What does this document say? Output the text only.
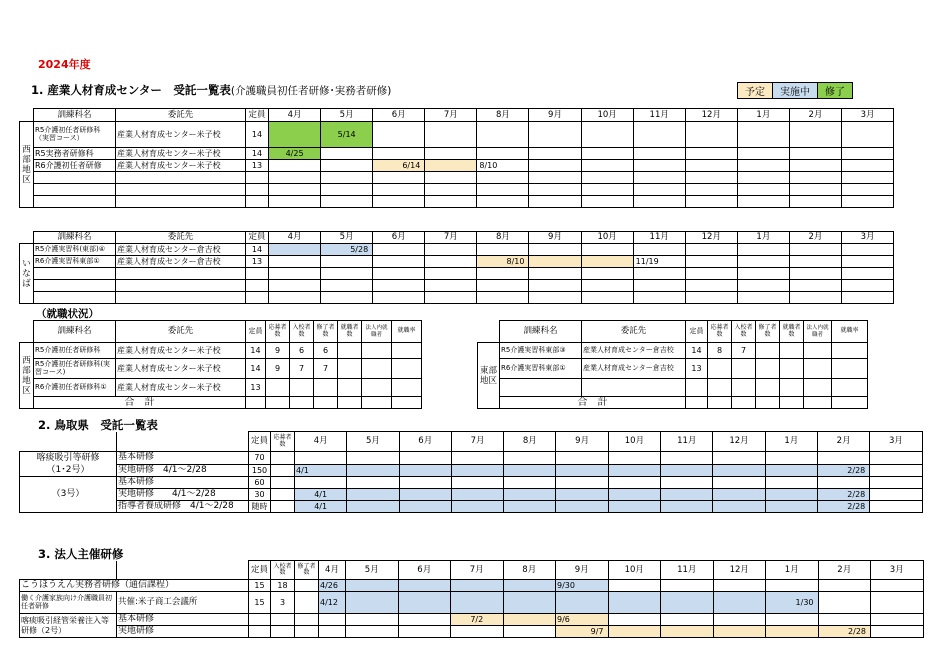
2024年度
1. 産業人材育成センター　受託一覧表(介護職員初任者研修･実務者研修)	予定	実施中	修了
	訓練科名	委託先	定員	4月	5月	6月	7月	8月	9月	10月	11月	12月	1月	2月	3月
西部地区	R5介護初任者研修科（実習コース）	産業人材育成センター米子校	14		5/14										
	R5実務者研修科	産業人材育成センター米子校	14	4/25											
	R6介護初任者研修	産業人材育成センター米子校	13			6/14		8/10							

	訓練科名	委託先	定員	4月	5月	6月	7月	8月	9月	10月	11月	12月	1月	2月	3月
いなば	R5介護実習科(東部)④	産業人材育成センター倉吉校	14		5/28										
	R6介護実習科東部①	産業人材育成センター倉吉校	13					8/10			11/19				

（就職状況）
	訓練科名	委託先	定員	応募者数	入校者数	修了者数	就職者数	法人内就職者	就職率	
西部地区	R5介護初任者研修科	産業人材育成センター米子校	14	9	6	6				
	R5介護初任者研修科(実習コース)	産業人材育成センター米子校	14	9	7	7				
	R6介護初任者研修科①	産業人材育成センター米子校	13							
	合　計									
	訓練科名	委託先	定員	応募者数	入校者数	修了者数	就職者数	法人内就職者	就職率	
東部地区	R5介護実習科東部③	産業人材育成センター倉吉校	14	8	7					
	R6介護実習科東部①	産業人材育成センター倉吉校	13							

	合　計									
2. 鳥取県　受託一覧表
		定員	応募者数	4月	5月	6月	7月	8月	9月	10月	11月	12月	1月	2月	3月
喀痰吸引等研修
（1･2号）	基本研修	70													
	実地研修　4/1～2/28	150		4/1										2/28	
（3号）	基本研修	60													
	実地研修　　4/1～2/28	30		4/1										2/28	
	指導者養成研修　4/1～2/28	随時		4/1										2/28	
3. 法人主催研修
		定員	入校者数	修了者数	4月	5月	6月	7月	8月	9月	10月	11月	12月	1月	2月	3月
こうほうえん実務者研修（通信課程）		15	18		4/26					9/30						
働く介護家族向け介護職員初任者研修	共催:米子商工会議所	15	3		4/12									1/30		
喀痰吸引経管栄養注入等研修（2号）	基本研修							7/2		9/6						
	実地研修									9/7					2/28	
